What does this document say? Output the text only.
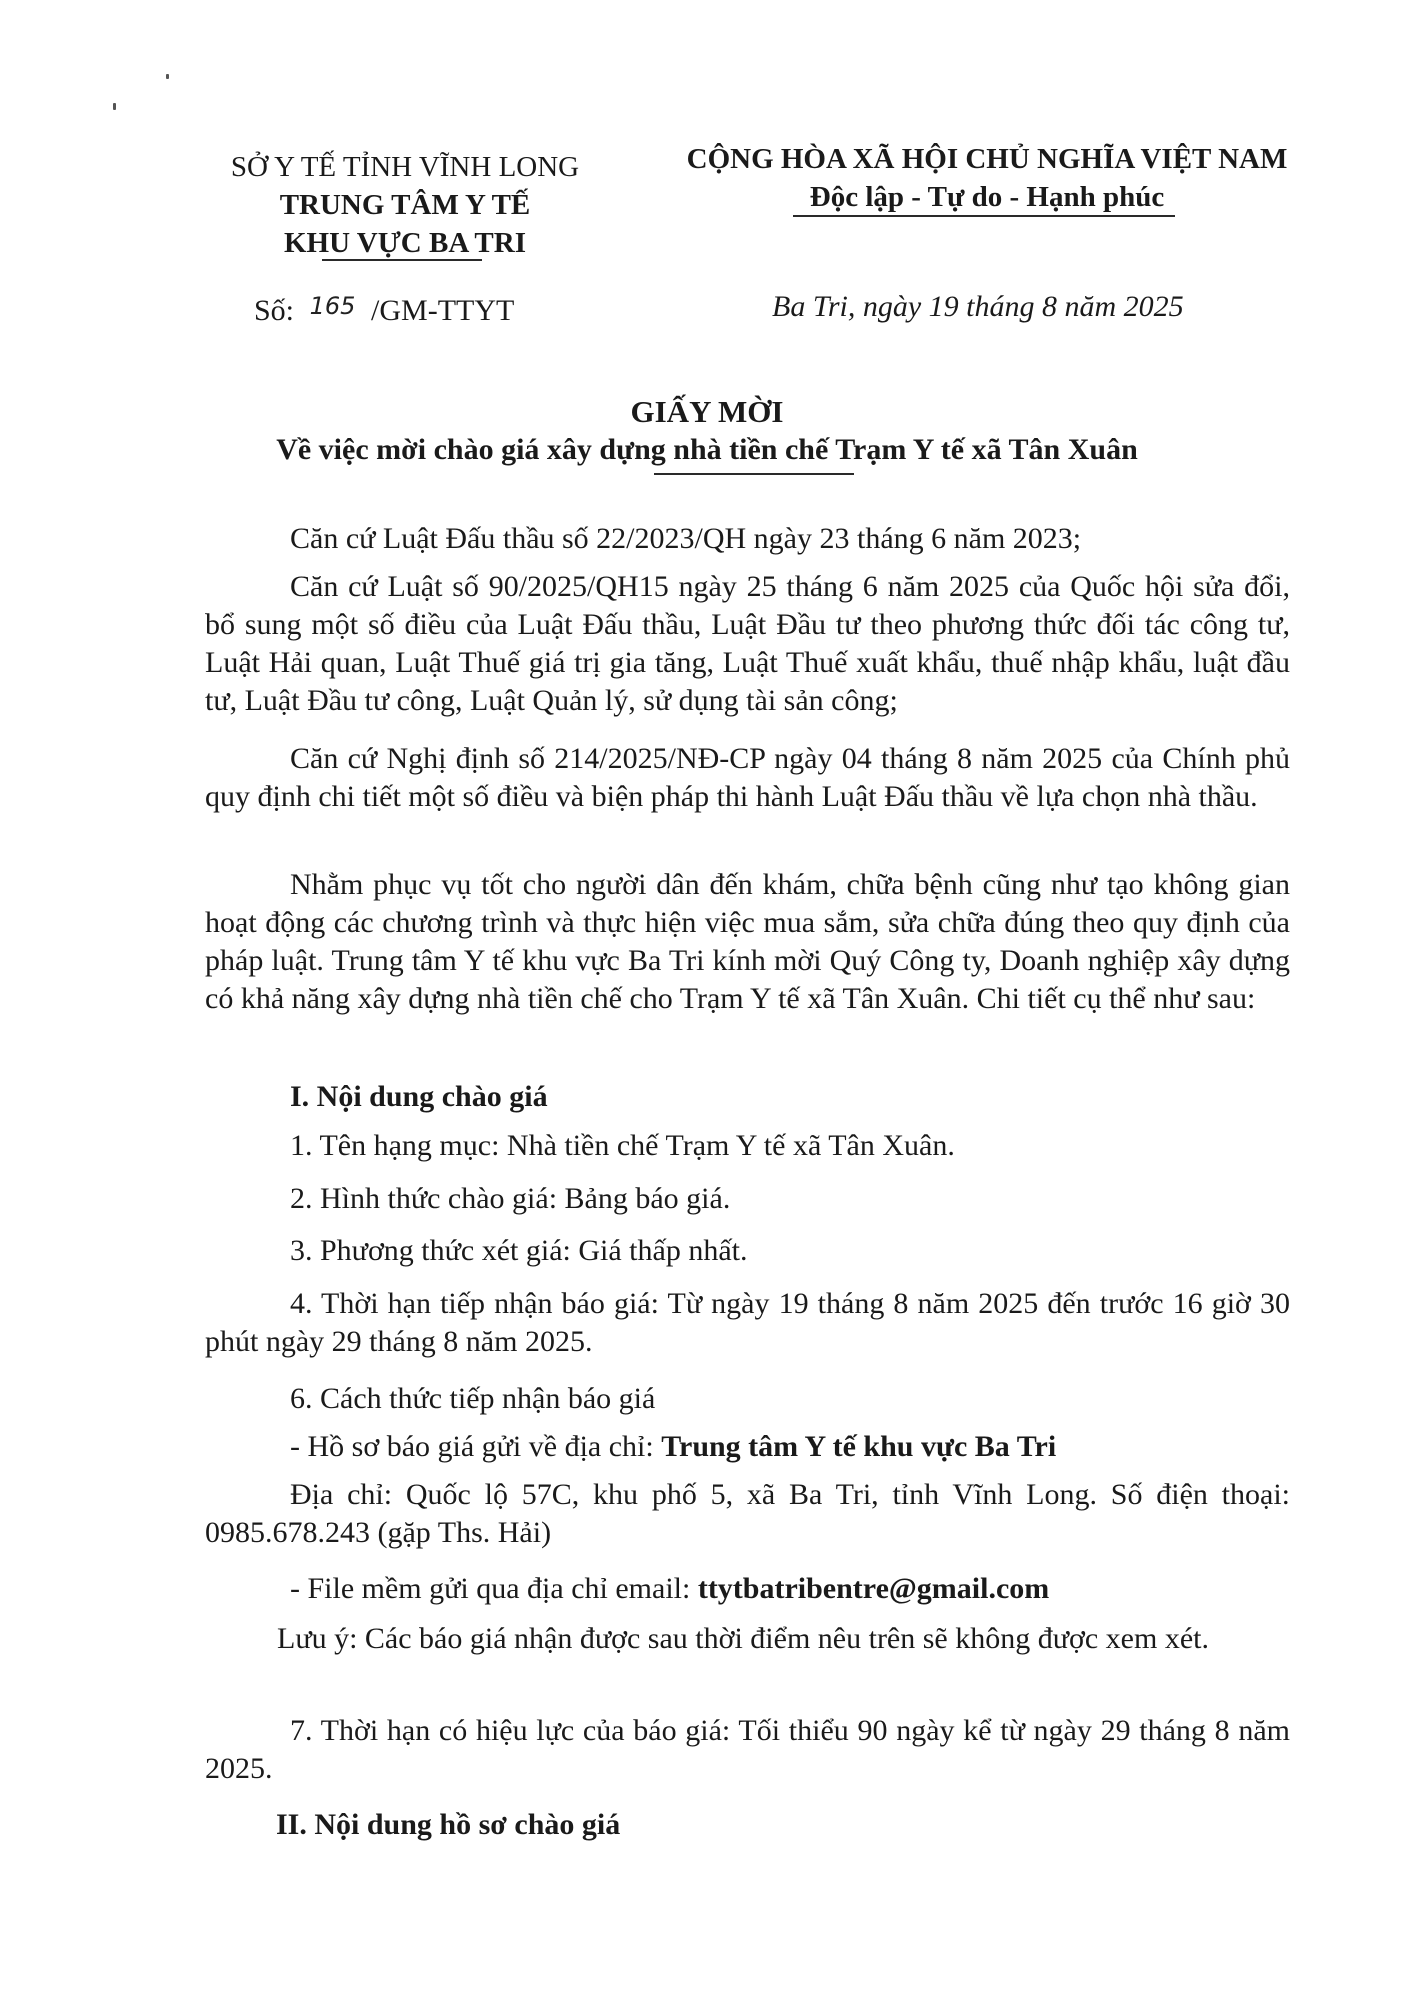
SỞ Y TẾ TỈNH VĨNH LONG
TRUNG TÂM Y TẾ
KHU VỰC BA TRI
CỘNG HÒA XÃ HỘI CHỦ NGHĨA VIỆT NAM
Độc lập - Tự do - Hạnh phúc
Số: 165 /GM-TTYT	Ba Tri, ngày 19 tháng 8 năm 2025
GIẤY MỜI
Về việc mời chào giá xây dựng nhà tiền chế Trạm Y tế xã Tân Xuân
Căn cứ Luật Đấu thầu số 22/2023/QH ngày 23 tháng 6 năm 2023;
Căn cứ Luật số 90/2025/QH15 ngày 25 tháng 6 năm 2025 của Quốc hội sửa đổi, bổ sung một số điều của Luật Đấu thầu, Luật Đầu tư theo phương thức đối tác công tư, Luật Hải quan, Luật Thuế giá trị gia tăng, Luật Thuế xuất khẩu, thuế nhập khẩu, luật đầu tư, Luật Đầu tư công, Luật Quản lý, sử dụng tài sản công;
Căn cứ Nghị định số 214/2025/NĐ-CP ngày 04 tháng 8 năm 2025 của Chính phủ quy định chi tiết một số điều và biện pháp thi hành Luật Đấu thầu về lựa chọn nhà thầu.
Nhằm phục vụ tốt cho người dân đến khám, chữa bệnh cũng như tạo không gian hoạt động các chương trình và thực hiện việc mua sắm, sửa chữa đúng theo quy định của pháp luật. Trung tâm Y tế khu vực Ba Tri kính mời Quý Công ty, Doanh nghiệp xây dựng có khả năng xây dựng nhà tiền chế cho Trạm Y tế xã Tân Xuân. Chi tiết cụ thể như sau:
I. Nội dung chào giá
1. Tên hạng mục: Nhà tiền chế Trạm Y tế xã Tân Xuân.
2. Hình thức chào giá: Bảng báo giá.
3. Phương thức xét giá: Giá thấp nhất.
4. Thời hạn tiếp nhận báo giá: Từ ngày 19 tháng 8 năm 2025 đến trước 16 giờ 30 phút ngày 29 tháng 8 năm 2025.
6. Cách thức tiếp nhận báo giá
- Hồ sơ báo giá gửi về địa chỉ: Trung tâm Y tế khu vực Ba Tri
Địa chỉ: Quốc lộ 57C, khu phố 5, xã Ba Tri, tỉnh Vĩnh Long. Số điện thoại: 0985.678.243 (gặp Ths. Hải)
- File mềm gửi qua địa chỉ email: ttytbatribentre@gmail.com
Lưu ý: Các báo giá nhận được sau thời điểm nêu trên sẽ không được xem xét.
7. Thời hạn có hiệu lực của báo giá: Tối thiểu 90 ngày kể từ ngày 29 tháng 8 năm 2025.
II. Nội dung hồ sơ chào giá
